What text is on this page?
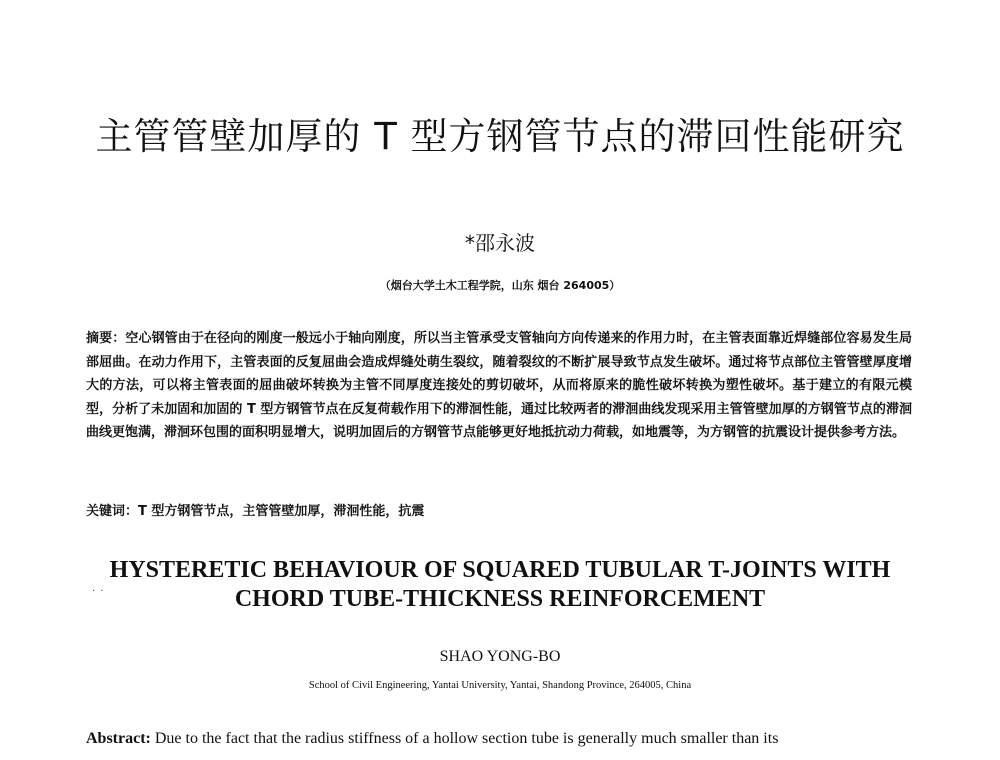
主管管壁加厚的 T 型方钢管节点的滞回性能研究
*邵永波
（烟台大学土木工程学院，山东 烟台 264005）
摘要：空心钢管由于在径向的刚度一般远小于轴向刚度，所以当主管承受支管轴向方向传递来的作用力时，在主管表面靠近焊缝部位容易发生局部屈曲。在动力作用下，主管表面的反复屈曲会造成焊缝处萌生裂纹，随着裂纹的不断扩展导致节点发生破坏。通过将节点部位主管管壁厚度增大的方法，可以将主管表面的屈曲破坏转换为主管不同厚度连接处的剪切破坏，从而将原来的脆性破坏转换为塑性破坏。基于建立的有限元模型，分析了未加固和加固的 T 型方钢管节点在反复荷载作用下的滞洄性能，通过比较两者的滞洄曲线发现采用主管管壁加厚的方钢管节点的滞洄曲线更饱满，滞洄环包围的面积明显增大，说明加固后的方钢管节点能够更好地抵抗动力荷载，如地震等，为方钢管的抗震设计提供参考方法。
关键词：T 型方钢管节点，主管管壁加厚，滞洄性能，抗震
· ·
HYSTERETIC BEHAVIOUR OF SQUARED TUBULAR T-JOINTS WITH
CHORD TUBE-THICKNESS REINFORCEMENT
SHAO YONG-BO
School of Civil Engineering, Yantai University, Yantai, Shandong Province, 264005, China
Abstract: Due to the fact that the radius stiffness of a hollow section tube is generally much smaller than its
